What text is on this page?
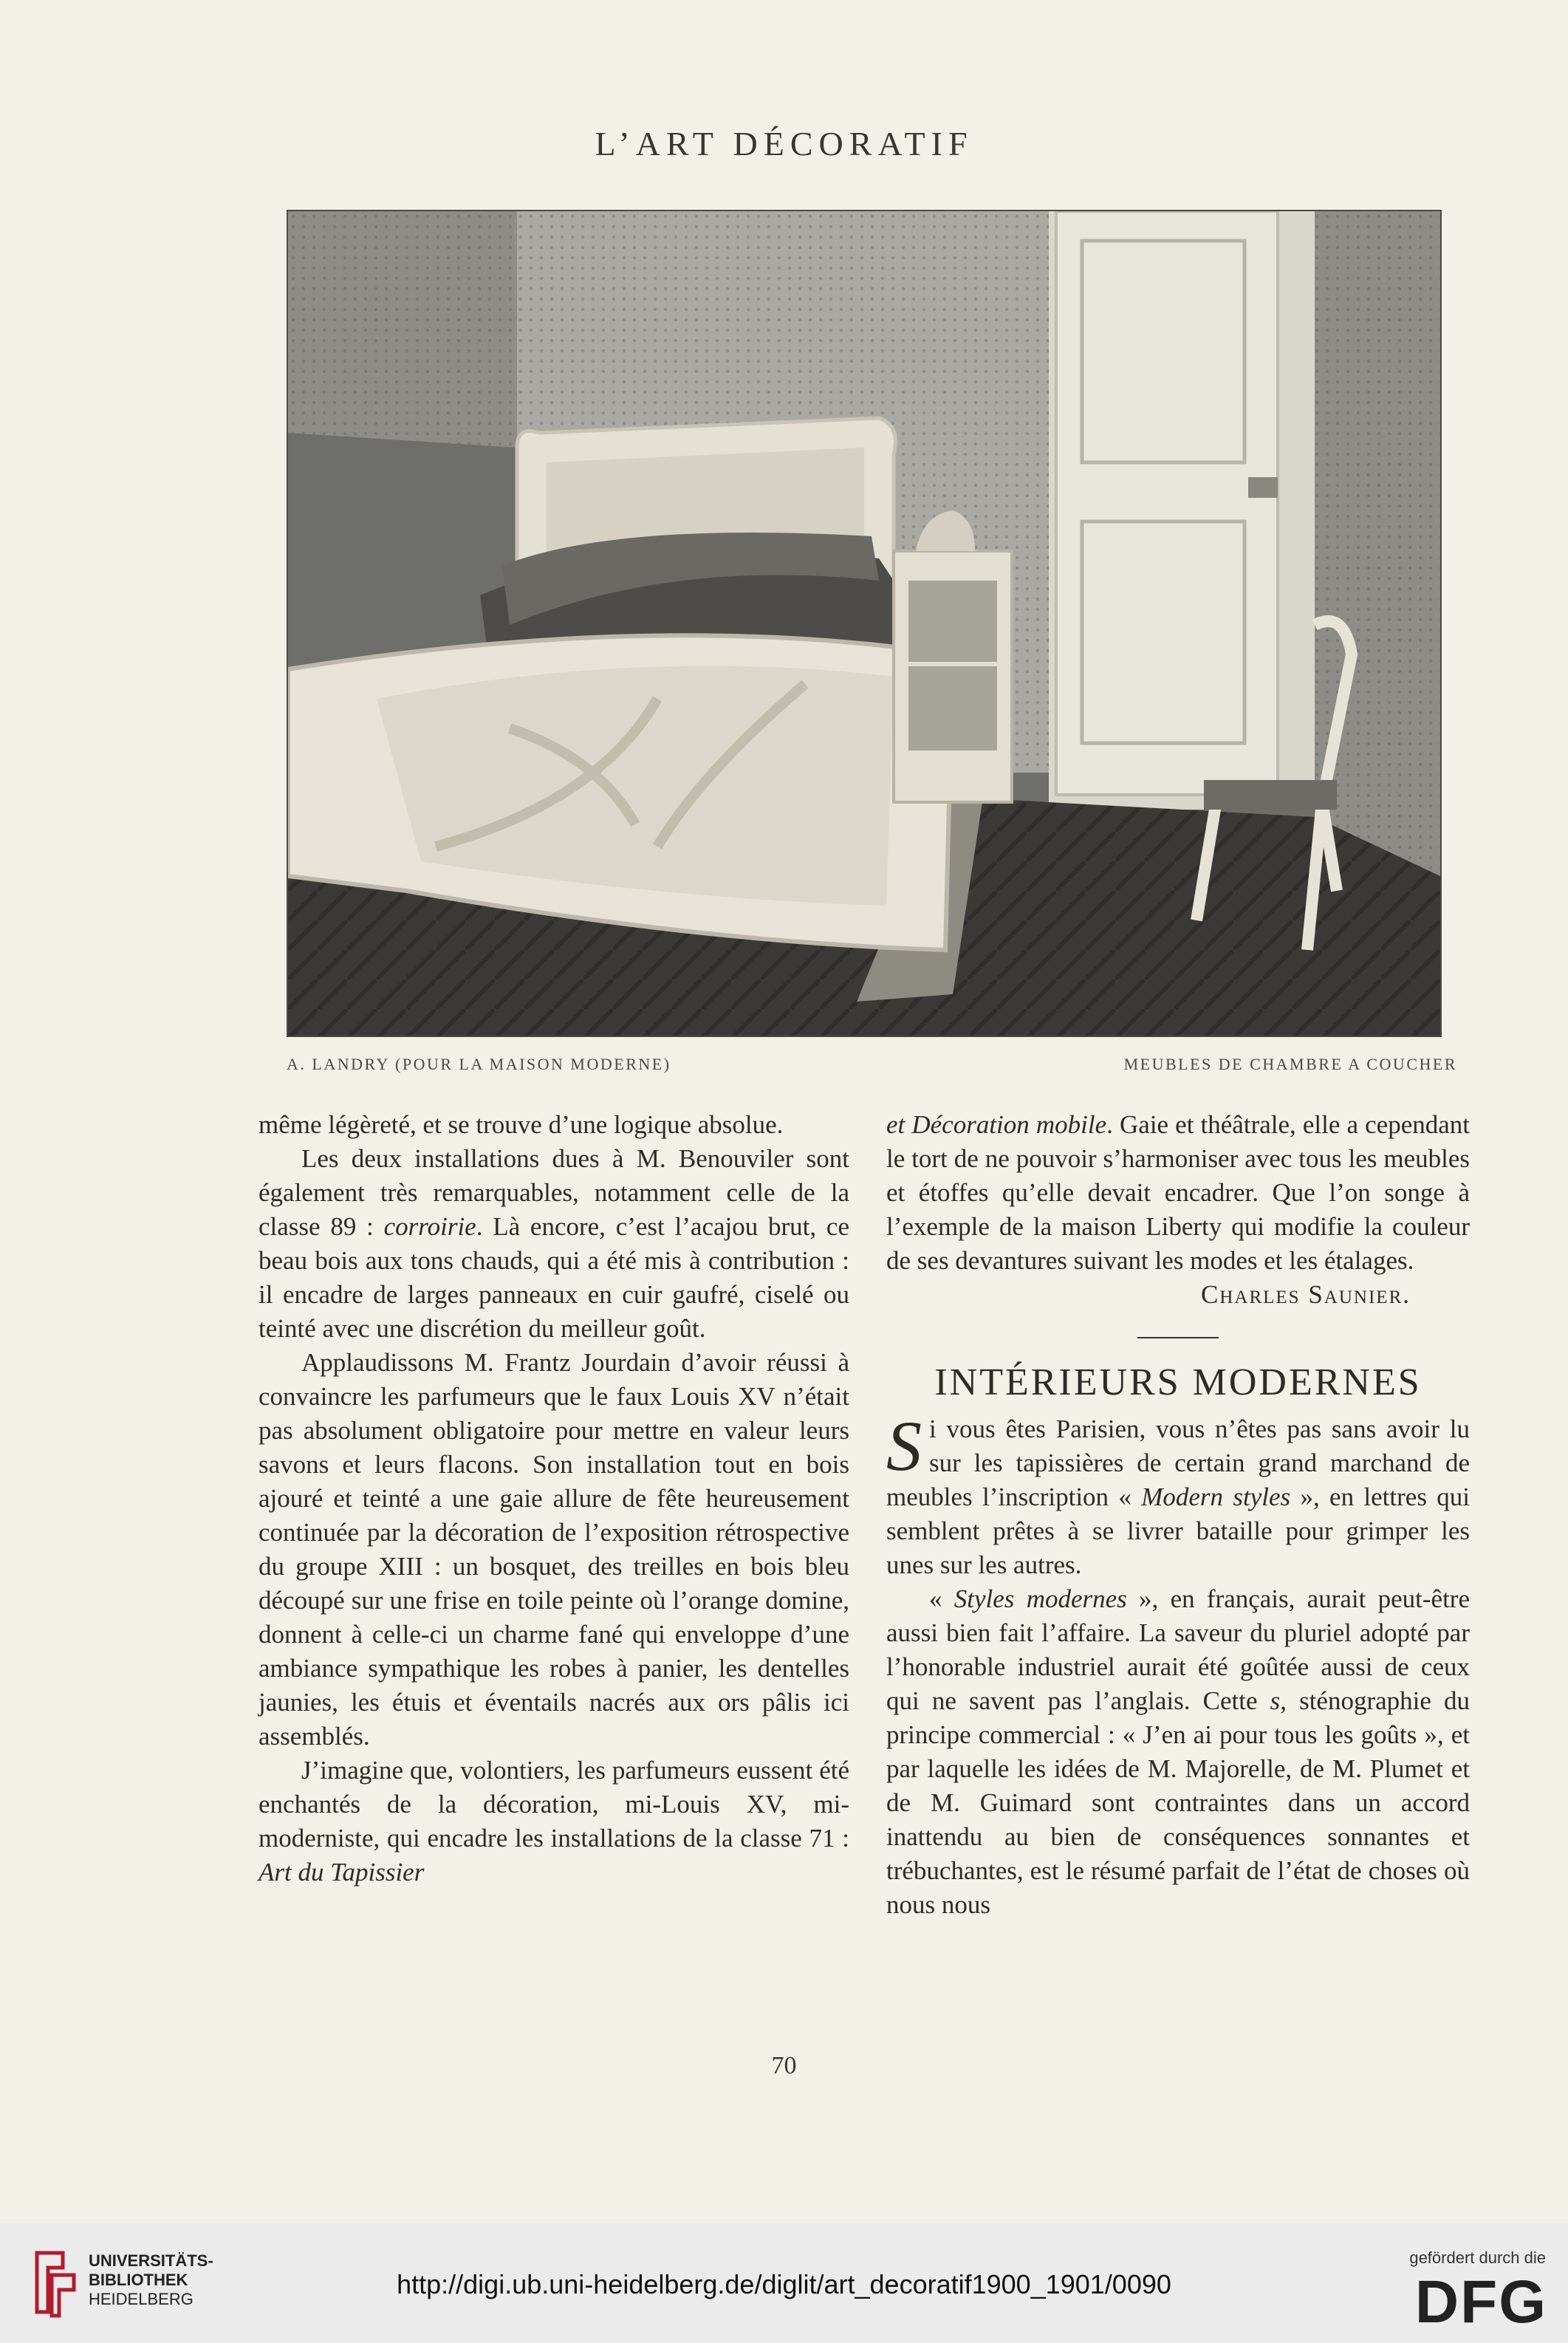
L’ART DÉCORATIF
A. LANDRY (POUR LA MAISON MODERNE)	MEUBLES DE CHAMBRE A COUCHER

même légèreté, et se trouve d’une logique absolue.

Les deux installations dues à M. Benouviler sont également très remarquables, notamment celle de la classe 89 : corroirie. Là encore, c’est l’acajou brut, ce beau bois aux tons chauds, qui a été mis à contribution : il encadre de larges panneaux en cuir gaufré, ciselé ou teinté avec une discrétion du meilleur goût.

Applaudissons M. Frantz Jourdain d’avoir réussi à convaincre les parfumeurs que le faux Louis XV n’était pas absolument obligatoire pour mettre en valeur leurs savons et leurs flacons. Son installation tout en bois ajouré et teinté a une gaie allure de fête heureusement continuée par la décoration de l’exposition rétrospective du groupe XIII : un bosquet, des treilles en bois bleu découpé sur une frise en toile peinte où l’orange domine, donnent à celle-ci un charme fané qui enveloppe d’une ambiance sympathique les robes à panier, les dentelles jaunies, les étuis et éventails nacrés aux ors pâlis ici assemblés.

J’imagine que, volontiers, les parfumeurs eussent été enchantés de la décoration, mi-Louis XV, mi-moderniste, qui encadre les installations de la classe 71 : Art du Tapissier

et Décoration mobile. Gaie et théâtrale, elle a cependant le tort de ne pouvoir s’harmoniser avec tous les meubles et étoffes qu’elle devait encadrer. Que l’on songe à l’exemple de la maison Liberty qui modifie la couleur de ses devantures suivant les modes et les étalages.

Charles Saunier.

INTÉRIEURS MODERNES

Si vous êtes Parisien, vous n’êtes pas sans avoir lu sur les tapissières de certain grand marchand de meubles l’inscription « Modern styles », en lettres qui semblent prêtes à se livrer bataille pour grimper les unes sur les autres.

« Styles modernes », en français, aurait peut-être aussi bien fait l’affaire. La saveur du pluriel adopté par l’honorable industriel aurait été goûtée aussi de ceux qui ne savent pas l’anglais. Cette s, sténographie du principe commercial : « J’en ai pour tous les goûts », et par laquelle les idées de M. Majorelle, de M. Plumet et de M. Guimard sont contraintes dans un accord inattendu au bien de conséquences sonnantes et trébuchantes, est le résumé parfait de l’état de choses où nous nous

70
UNIVERSITÄTS-
BIBLIOTHEK
HEIDELBERG	http://digi.ub.uni-heidelberg.de/diglit/art_decoratif1900_1901/0090
gefördert durch die
DFG
